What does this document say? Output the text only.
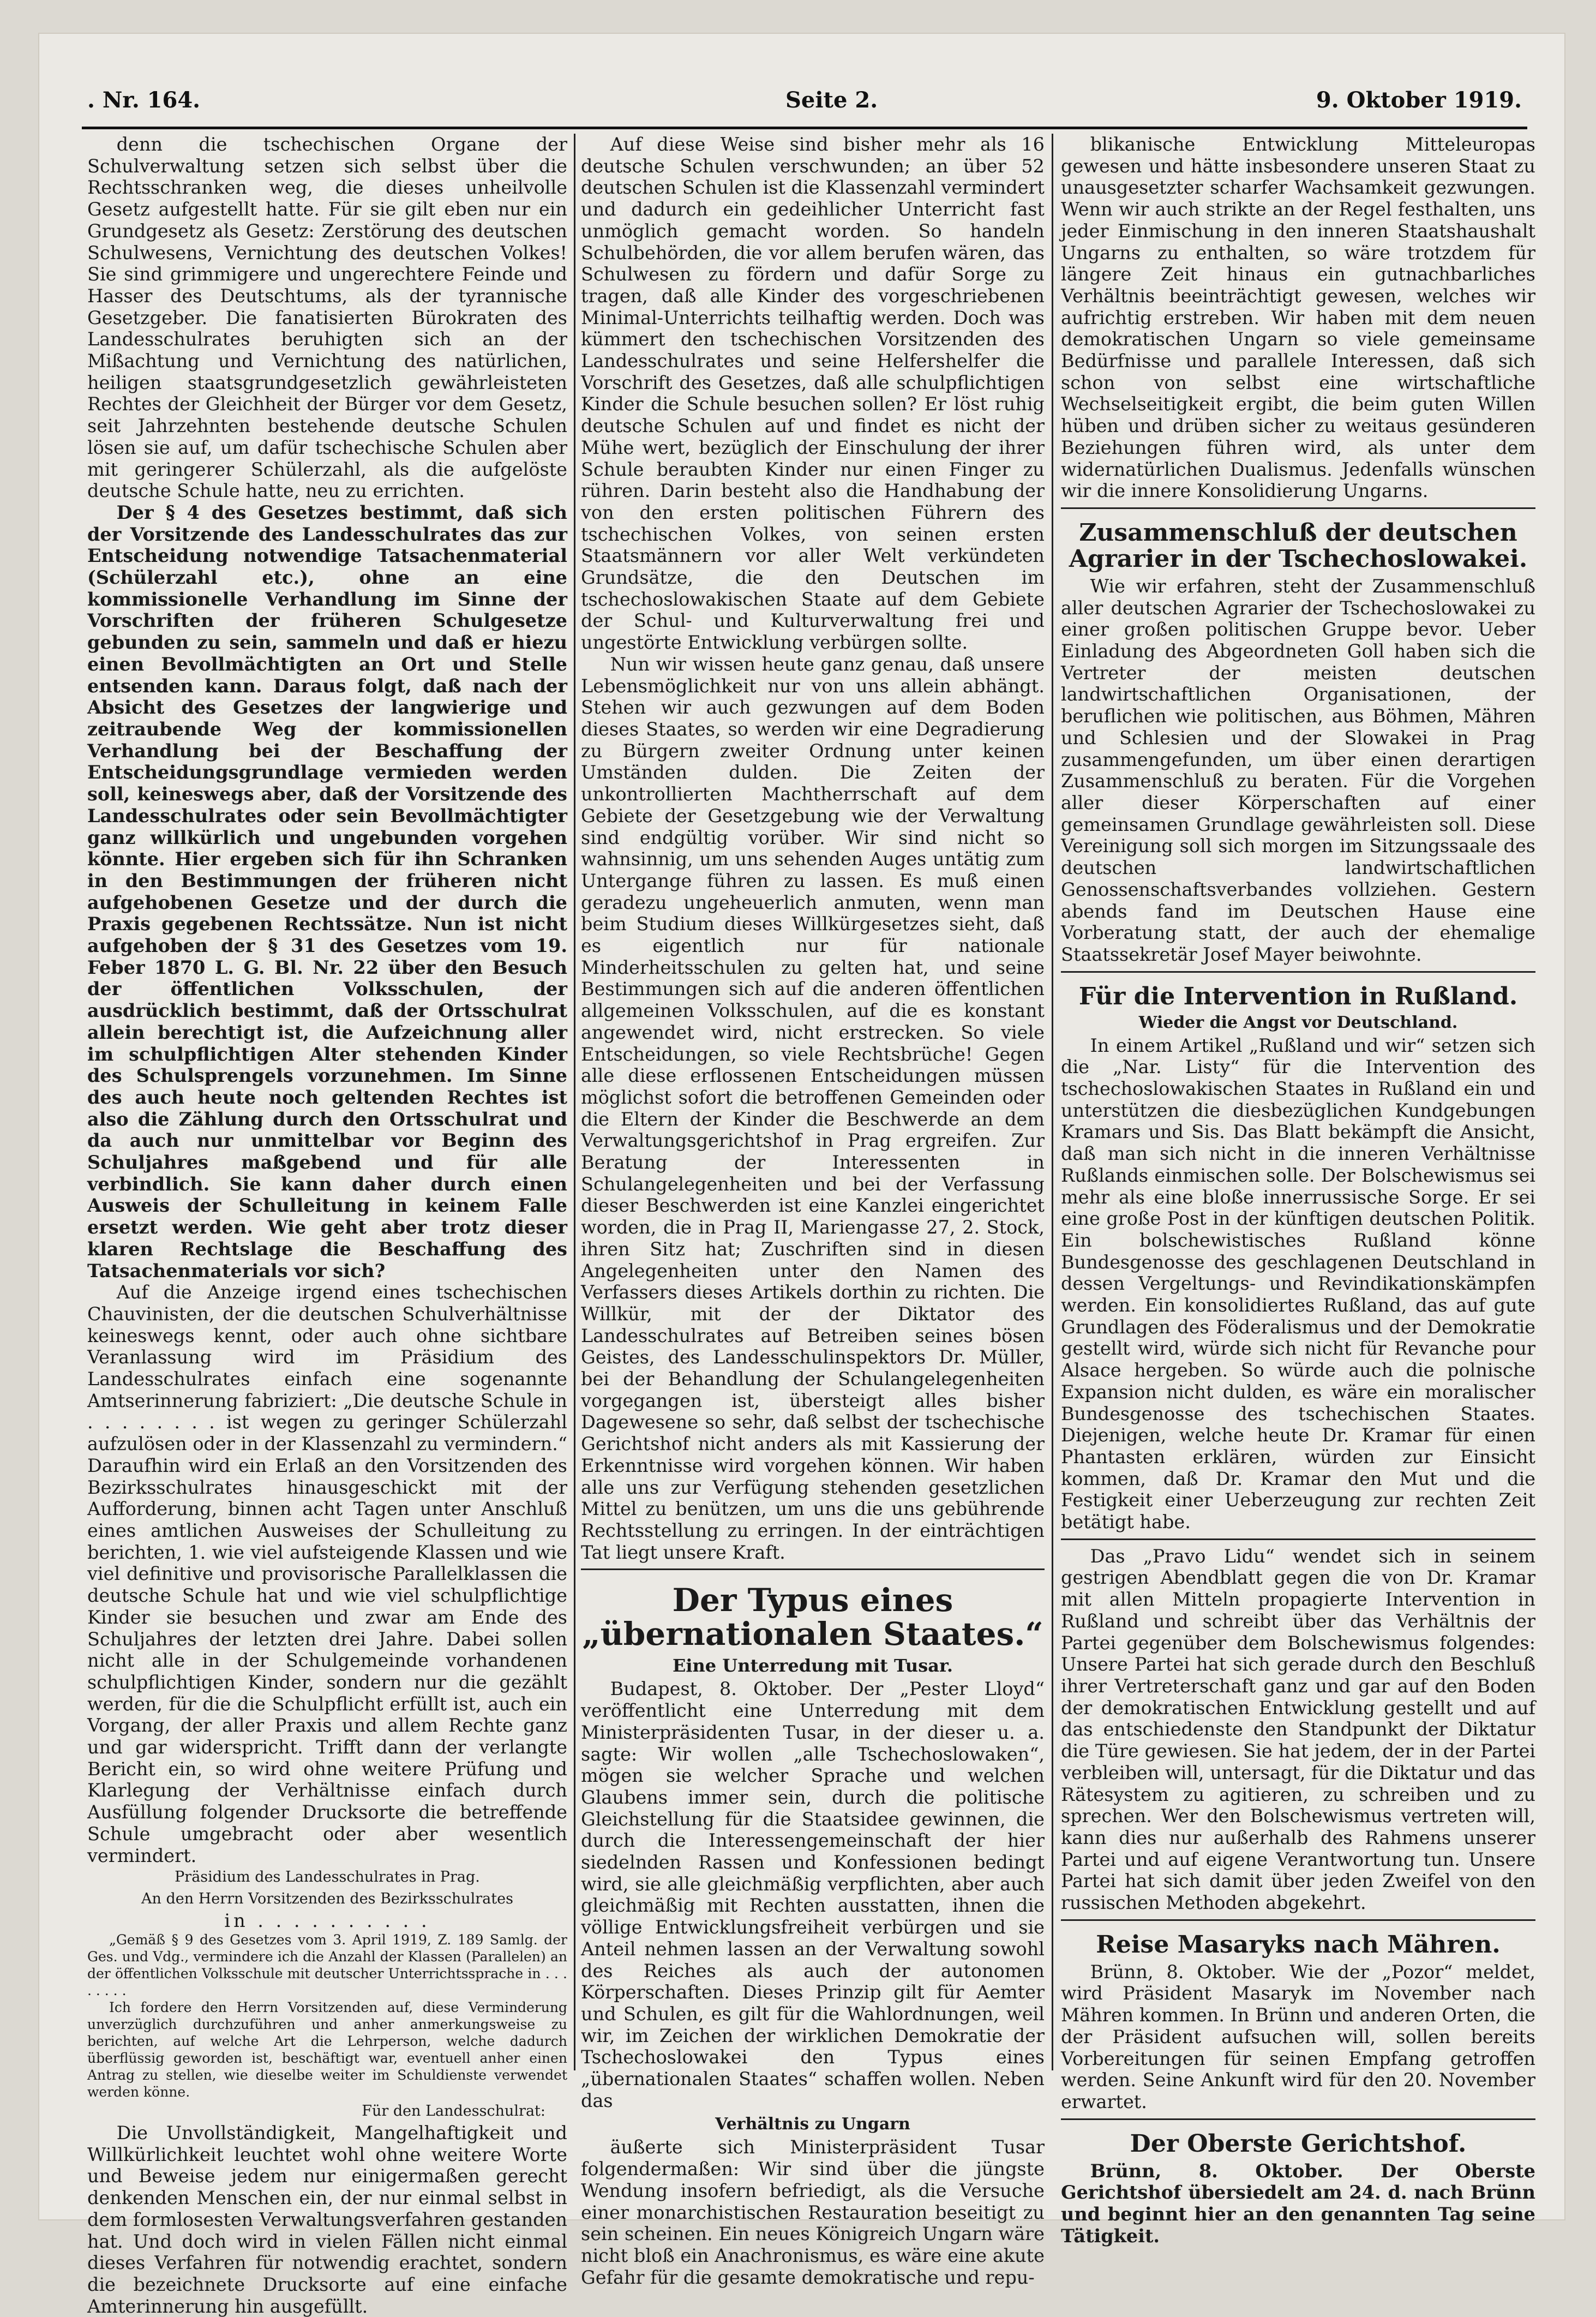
. Nr. 164.	Seite 2.	9. Oktober 1919.

denn die tschechischen Organe der Schulverwaltung setzen sich selbst über die Rechtsschranken weg, die dieses unheilvolle Gesetz aufgestellt hatte. Für sie gilt eben nur ein Grundgesetz als Gesetz: Zerstörung des deutschen Schulwesens, Vernichtung des deutschen Volkes! Sie sind grimmigere und ungerechtere Feinde und Hasser des Deutschtums, als der tyrannische Gesetzgeber. Die fanatisierten Bürokraten des Landesschulrates beruhigten sich an der Mißachtung und Vernichtung des natürlichen, heiligen staatsgrundgesetzlich gewährleisteten Rechtes der Gleichheit der Bürger vor dem Gesetz, seit Jahrzehnten bestehende deutsche Schulen lösen sie auf, um dafür tschechische Schulen aber mit geringerer Schülerzahl, als die aufgelöste deutsche Schule hatte, neu zu errichten.

Der § 4 des Gesetzes bestimmt, daß sich der Vorsitzende des Landesschulrates das zur Entscheidung notwendige Tatsachenmaterial (Schülerzahl etc.), ohne an eine kommissionelle Verhandlung im Sinne der Vorschriften der früheren Schulgesetze gebunden zu sein, sammeln und daß er hiezu einen Bevollmächtigten an Ort und Stelle entsenden kann. Daraus folgt, daß nach der Absicht des Gesetzes der langwierige und zeitraubende Weg der kommissionellen Verhandlung bei der Beschaffung der Entscheidungsgrundlage vermieden werden soll, keineswegs aber, daß der Vorsitzende des Landesschulrates oder sein Bevollmächtigter ganz willkürlich und ungebunden vorgehen könnte. Hier ergeben sich für ihn Schranken in den Bestimmungen der früheren nicht aufgehobenen Gesetze und der durch die Praxis gegebenen Rechtssätze. Nun ist nicht aufgehoben der § 31 des Gesetzes vom 19. Feber 1870 L. G. Bl. Nr. 22 über den Besuch der öffentlichen Volksschulen, der ausdrücklich bestimmt, daß der Ortsschulrat allein berechtigt ist, die Aufzeichnung aller im schulpflichtigen Alter stehenden Kinder des Schulsprengels vorzunehmen. Im Sinne des auch heute noch geltenden Rechtes ist also die Zählung durch den Ortsschulrat und da auch nur unmittelbar vor Beginn des Schuljahres maßgebend und für alle verbindlich. Sie kann daher durch einen Ausweis der Schulleitung in keinem Falle ersetzt werden. Wie geht aber trotz dieser klaren Rechtslage die Beschaffung des Tatsachenmaterials vor sich?

Auf die Anzeige irgend eines tschechischen Chauvinisten, der die deutschen Schulverhältnisse keineswegs kennt, oder auch ohne sichtbare Veranlassung wird im Präsidium des Landesschulrates einfach eine sogenannte Amtserinnerung fabriziert: „Die deutsche Schule in . . . . . . . . ist wegen zu geringer Schülerzahl aufzulösen oder in der Klassenzahl zu vermindern.“ Daraufhin wird ein Erlaß an den Vorsitzenden des Bezirksschulrates hinausgeschickt mit der Aufforderung, binnen acht Tagen unter Anschluß eines amtlichen Ausweises der Schulleitung zu berichten, 1. wie viel aufsteigende Klassen und wie viel definitive und provisorische Parallelklassen die deutsche Schule hat und wie viel schulpflichtige Kinder sie besuchen und zwar am Ende des Schuljahres der letzten drei Jahre. Dabei sollen nicht alle in der Schulgemeinde vorhandenen schulpflichtigen Kinder, sondern nur die gezählt werden, für die die Schulpflicht erfüllt ist, auch ein Vorgang, der aller Praxis und allem Rechte ganz und gar widerspricht. Trifft dann der verlangte Bericht ein, so wird ohne weitere Prüfung und Klarlegung der Verhältnisse einfach durch Ausfüllung folgender Drucksorte die betreffende Schule umgebracht oder aber wesentlich vermindert.

Präsidium des Landesschulrates in Prag.

An den Herrn Vorsitzenden des Bezirksschulrates

in . . . . . . . . . .

„Gemäß § 9 des Gesetzes vom 3. April 1919, Z. 189 Samlg. der Ges. und Vdg., vermindere ich die Anzahl der Klassen (Parallelen) an der öffentlichen Volksschule mit deutscher Unterrichtssprache in . . . . . . . .

Ich fordere den Herrn Vorsitzenden auf, diese Verminderung unverzüglich durchzuführen und anher anmerkungsweise zu berichten, auf welche Art die Lehrperson, welche dadurch überflüssig geworden ist, beschäftigt war, eventuell anher einen Antrag zu stellen, wie dieselbe weiter im Schuldienste verwendet werden könne.

Für den Landesschulrat:

Die Unvollständigkeit, Mangelhaftigkeit und Willkürlichkeit leuchtet wohl ohne weitere Worte und Beweise jedem nur einigermaßen gerecht denkenden Menschen ein, der nur einmal selbst in dem formlosesten Verwaltungsverfahren gestanden hat. Und doch wird in vielen Fällen nicht einmal dieses Verfahren für notwendig erachtet, sondern die bezeichnete Drucksorte auf eine einfache Amterinnerung hin ausgefüllt.

Auf diese Weise sind bisher mehr als 16 deutsche Schulen verschwunden; an über 52 deutschen Schulen ist die Klassenzahl vermindert und dadurch ein gedeihlicher Unterricht fast unmöglich gemacht worden. So handeln Schulbehörden, die vor allem berufen wären, das Schulwesen zu fördern und dafür Sorge zu tragen, daß alle Kinder des vorgeschriebenen Minimal-Unterrichts teilhaftig werden. Doch was kümmert den tschechischen Vorsitzenden des Landesschulrates und seine Helfershelfer die Vorschrift des Gesetzes, daß alle schulpflichtigen Kinder die Schule besuchen sollen? Er löst ruhig deutsche Schulen auf und findet es nicht der Mühe wert, bezüglich der Einschulung der ihrer Schule beraubten Kinder nur einen Finger zu rühren. Darin besteht also die Handhabung der von den ersten politischen Führern des tschechischen Volkes, von seinen ersten Staatsmännern vor aller Welt verkündeten Grundsätze, die den Deutschen im tschechoslowakischen Staate auf dem Gebiete der Schul- und Kulturverwaltung frei und ungestörte Entwicklung verbürgen sollte.

Nun wir wissen heute ganz genau, daß unsere Lebensmöglichkeit nur von uns allein abhängt. Stehen wir auch gezwungen auf dem Boden dieses Staates, so werden wir eine Degradierung zu Bürgern zweiter Ordnung unter keinen Umständen dulden. Die Zeiten der unkontrollierten Machtherrschaft auf dem Gebiete der Gesetzgebung wie der Verwaltung sind endgültig vorüber. Wir sind nicht so wahnsinnig, um uns sehenden Auges untätig zum Untergange führen zu lassen. Es muß einen geradezu ungeheuerlich anmuten, wenn man beim Studium dieses Willkürgesetzes sieht, daß es eigentlich nur für nationale Minderheitsschulen zu gelten hat, und seine Bestimmungen sich auf die anderen öffentlichen allgemeinen Volksschulen, auf die es konstant angewendet wird, nicht erstrecken. So viele Entscheidungen, so viele Rechtsbrüche! Gegen alle diese erflossenen Entscheidungen müssen möglichst sofort die betroffenen Gemeinden oder die Eltern der Kinder die Beschwerde an dem Verwaltungsgerichtshof in Prag ergreifen. Zur Beratung der Interessenten in Schulangelegenheiten und bei der Verfassung dieser Beschwerden ist eine Kanzlei eingerichtet worden, die in Prag II, Mariengasse 27, 2. Stock, ihren Sitz hat; Zuschriften sind in diesen Angelegenheiten unter den Namen des Verfassers dieses Artikels dorthin zu richten. Die Willkür, mit der der Diktator des Landesschulrates auf Betreiben seines bösen Geistes, des Landesschulinspektors Dr. Müller, bei der Behandlung der Schulangelegenheiten vorgegangen ist, übersteigt alles bisher Dagewesene so sehr, daß selbst der tschechische Gerichtshof nicht anders als mit Kassierung der Erkenntnisse wird vorgehen können. Wir haben alle uns zur Verfügung stehenden gesetzlichen Mittel zu benützen, um uns die uns gebührende Rechtsstellung zu erringen. In der einträchtigen Tat liegt unsere Kraft.

Der Typus eines „übernationalen Staates.“
Eine Unterredung mit Tusar.

Budapest, 8. Oktober. Der „Pester Lloyd“ veröffentlicht eine Unterredung mit dem Ministerpräsidenten Tusar, in der dieser u. a. sagte: Wir wollen „alle Tschechoslowaken“, mögen sie welcher Sprache und welchen Glaubens immer sein, durch die politische Gleichstellung für die Staatsidee gewinnen, die durch die Interessengemeinschaft der hier siedelnden Rassen und Konfessionen bedingt wird, sie alle gleichmäßig verpflichten, aber auch gleichmäßig mit Rechten ausstatten, ihnen die völlige Entwicklungsfreiheit verbürgen und sie Anteil nehmen lassen an der Verwaltung sowohl des Reiches als auch der autonomen Körperschaften. Dieses Prinzip gilt für Aemter und Schulen, es gilt für die Wahlordnungen, weil wir, im Zeichen der wirklichen Demokratie der Tschechoslowakei den Typus eines „übernationalen Staates“ schaffen wollen. Neben das

Verhältnis zu Ungarn

äußerte sich Ministerpräsident Tusar folgendermaßen: Wir sind über die jüngste Wendung insofern befriedigt, als die Versuche einer monarchistischen Restauration beseitigt zu sein scheinen. Ein neues Königreich Ungarn wäre nicht bloß ein Anachronismus, es wäre eine akute Gefahr für die gesamte demokratische und repu-

blikanische Entwicklung Mitteleuropas gewesen und hätte insbesondere unseren Staat zu unausgesetzter scharfer Wachsamkeit gezwungen. Wenn wir auch strikte an der Regel festhalten, uns jeder Einmischung in den inneren Staatshaushalt Ungarns zu enthalten, so wäre trotzdem für längere Zeit hinaus ein gutnachbarliches Verhältnis beeinträchtigt gewesen, welches wir aufrichtig erstreben. Wir haben mit dem neuen demokratischen Ungarn so viele gemeinsame Bedürfnisse und parallele Interessen, daß sich schon von selbst eine wirtschaftliche Wechselseitigkeit ergibt, die beim guten Willen hüben und drüben sicher zu weitaus gesünderen Beziehungen führen wird, als unter dem widernatürlichen Dualismus. Jedenfalls wünschen wir die innere Konsolidierung Ungarns.

Zusammenschluß der deutschen Agrarier in der Tschechoslowakei.

Wie wir erfahren, steht der Zusammenschluß aller deutschen Agrarier der Tschechoslowakei zu einer großen politischen Gruppe bevor. Ueber Einladung des Abgeordneten Goll haben sich die Vertreter der meisten deutschen landwirtschaftlichen Organisationen, der beruflichen wie politischen, aus Böhmen, Mähren und Schlesien und der Slowakei in Prag zusammengefunden, um über einen derartigen Zusammenschluß zu beraten. Für die Vorgehen aller dieser Körperschaften auf einer gemeinsamen Grundlage gewährleisten soll. Diese Vereinigung soll sich morgen im Sitzungssaale des deutschen landwirtschaftlichen Genossenschaftsverbandes vollziehen. Gestern abends fand im Deutschen Hause eine Vorberatung statt, der auch der ehemalige Staatssekretär Josef Mayer beiwohnte.

Für die Intervention in Rußland.
Wieder die Angst vor Deutschland.

In einem Artikel „Rußland und wir“ setzen sich die „Nar. Listy“ für die Intervention des tschechoslowakischen Staates in Rußland ein und unterstützen die diesbezüglichen Kundgebungen Kramars und Sis. Das Blatt bekämpft die Ansicht, daß man sich nicht in die inneren Verhältnisse Rußlands einmischen solle. Der Bolschewismus sei mehr als eine bloße innerrussische Sorge. Er sei eine große Post in der künftigen deutschen Politik. Ein bolschewistisches Rußland könne Bundesgenosse des geschlagenen Deutschland in dessen Vergeltungs- und Revindikationskämpfen werden. Ein konsolidiertes Rußland, das auf gute Grundlagen des Föderalismus und der Demokratie gestellt wird, würde sich nicht für Revanche pour Alsace hergeben. So würde auch die polnische Expansion nicht dulden, es wäre ein moralischer Bundesgenosse des tschechischen Staates. Diejenigen, welche heute Dr. Kramar für einen Phantasten erklären, würden zur Einsicht kommen, daß Dr. Kramar den Mut und die Festigkeit einer Ueberzeugung zur rechten Zeit betätigt habe.

Das „Pravo Lidu“ wendet sich in seinem gestrigen Abendblatt gegen die von Dr. Kramar mit allen Mitteln propagierte Intervention in Rußland und schreibt über das Verhältnis der Partei gegenüber dem Bolschewismus folgendes: Unsere Partei hat sich gerade durch den Beschluß ihrer Vertreterschaft ganz und gar auf den Boden der demokratischen Entwicklung gestellt und auf das entschiedenste den Standpunkt der Diktatur die Türe gewiesen. Sie hat jedem, der in der Partei verbleiben will, untersagt, für die Diktatur und das Rätesystem zu agitieren, zu schreiben und zu sprechen. Wer den Bolschewismus vertreten will, kann dies nur außerhalb des Rahmens unserer Partei und auf eigene Verantwortung tun. Unsere Partei hat sich damit über jeden Zweifel von den russischen Methoden abgekehrt.

Reise Masaryks nach Mähren.

Brünn, 8. Oktober. Wie der „Pozor“ meldet, wird Präsident Masaryk im November nach Mähren kommen. In Brünn und anderen Orten, die der Präsident aufsuchen will, sollen bereits Vorbereitungen für seinen Empfang getroffen werden. Seine Ankunft wird für den 20. November erwartet.

Der Oberste Gerichtshof.

Brünn, 8. Oktober. Der Oberste Gerichtshof übersiedelt am 24. d. nach Brünn und beginnt hier an den genannten Tag seine Tätigkeit.
